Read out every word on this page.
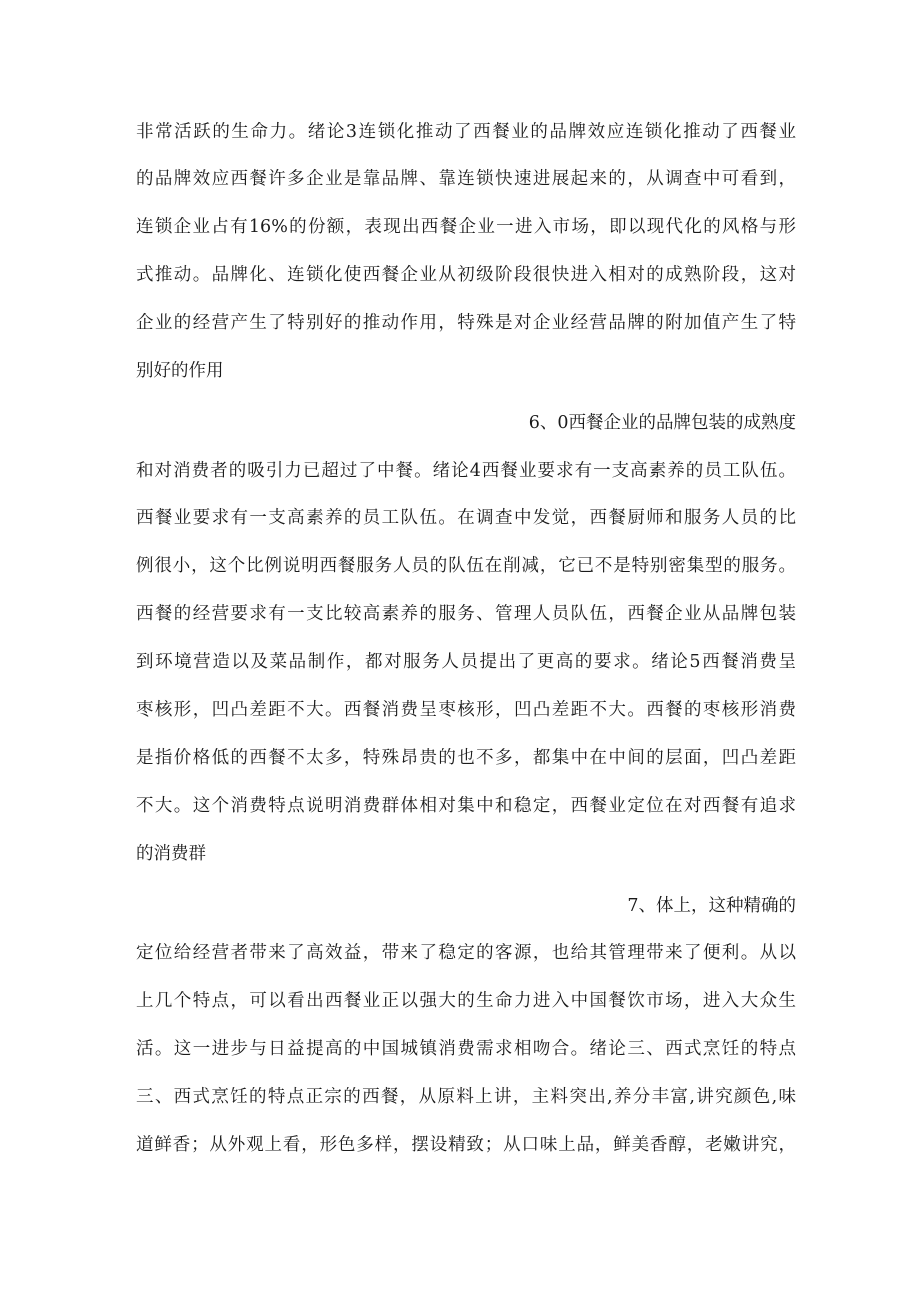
非常活跃的生命力。绪论3连锁化推动了西餐业的品牌效应连锁化推动了西餐业
的品牌效应西餐许多企业是靠品牌、靠连锁快速进展起来的，从调查中可看到，
连锁企业占有16%的份额，表现出西餐企业一进入市场，即以现代化的风格与形
式推动。品牌化、连锁化使西餐企业从初级阶段很快进入相对的成熟阶段，这对
企业的经营产生了特别好的推动作用，特殊是对企业经营品牌的附加值产生了特
别好的作用
6、0西餐企业的品牌包装的成熟度
和对消费者的吸引力已超过了中餐。绪论4西餐业要求有一支高素养的员工队伍。
西餐业要求有一支高素养的员工队伍。在调查中发觉，西餐厨师和服务人员的比
例很小，这个比例说明西餐服务人员的队伍在削减，它已不是特别密集型的服务。
西餐的经营要求有一支比较高素养的服务、管理人员队伍，西餐企业从品牌包装
到环境营造以及菜品制作，都对服务人员提出了更高的要求。绪论5西餐消费呈
枣核形，凹凸差距不大。西餐消费呈枣核形，凹凸差距不大。西餐的枣核形消费
是指价格低的西餐不太多，特殊昂贵的也不多，都集中在中间的层面，凹凸差距
不大。这个消费特点说明消费群体相对集中和稳定，西餐业定位在对西餐有追求
的消费群
7、体上，这种精确的
定位给经营者带来了高效益，带来了稳定的客源，也给其管理带来了便利。从以
上几个特点，可以看出西餐业正以强大的生命力进入中国餐饮市场，进入大众生
活。这一进步与日益提高的中国城镇消费需求相吻合。绪论三、西式烹饪的特点
三、西式烹饪的特点正宗的西餐，从原料上讲，主料突出,养分丰富,讲究颜色,味
道鲜香；从外观上看，形色多样，摆设精致；从口味上品，鲜美香醇，老嫩讲究，
